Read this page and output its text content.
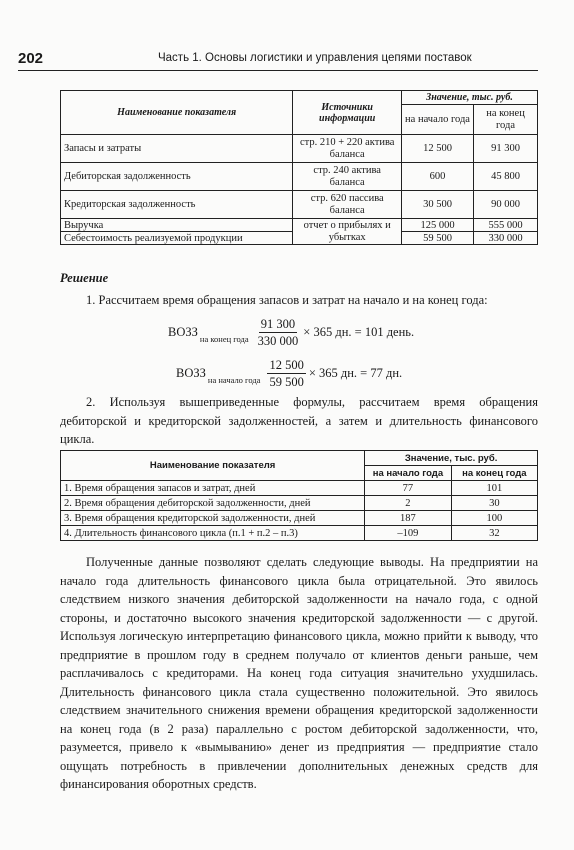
202	Часть 1. Основы логистики и управления цепями поставок
Наименование показателя	Источники информации	Значение, тыс. руб.	
		на начало года	на конец года
Запасы и затраты	стр. 210 + 220 актива баланса	12 500	91 300
Дебиторская задолженность	стр. 240 актива баланса	600	45 800
Кредиторская задолженность	стр. 620 пассива баланса	30 500	90 000
Выручка	отчет о прибылях и убытках	125 000	555 000
Себестоимость реализуемой продукции		59 500	330 000
Решение
1. Рассчитаем время обращения запасов и затрат на начало и на конец года:
ВОЗЗ $_{на конец года} \frac{91 300}{330 000} \times 365$ дн. = 101 день.
ВОЗЗ $_{на начало года} \frac{12 500}{59 500} \times 365$ дн. = 77 дн.
2. Используя вышеприведенные формулы, рассчитаем время обращения дебиторской и кредиторской задолженностей, а затем и длительность финансового цикла.
Наименование показателя	Значение, тыс. руб.	
	на начало года	на конец года
1. Время обращения запасов и затрат, дней	77	101
2. Время обращения дебиторской задолженности, дней	2	30
3. Время обращения кредиторской задолженности, дней	187	100
4. Длительность финансового цикла (п.1 + п.2 – п.3)	–109	32
Полученные данные позволяют сделать следующие выводы. На предприятии на начало года длительность финансового цикла была отрицательной. Это явилось следствием низкого значения дебиторской задолженности на начало года, с одной стороны, и достаточно высокого значения кредиторской задолженности — с другой. Используя логическую интерпретацию финансового цикла, можно прийти к выводу, что предприятие в прошлом году в среднем получало от клиентов деньги раньше, чем расплачивалось с кредиторами. На конец года ситуация значительно ухудшилась. Длительность финансового цикла стала существенно положительной. Это явилось следствием значительного снижения времени обращения кредиторской задолженности на конец года (в 2 раза) параллельно с ростом дебиторской задолженности, что, разумеется, привело к «вымыванию» денег из предприятия — предприятие стало ощущать потребность в привлечении дополнительных денежных средств для финансирования оборотных средств.
